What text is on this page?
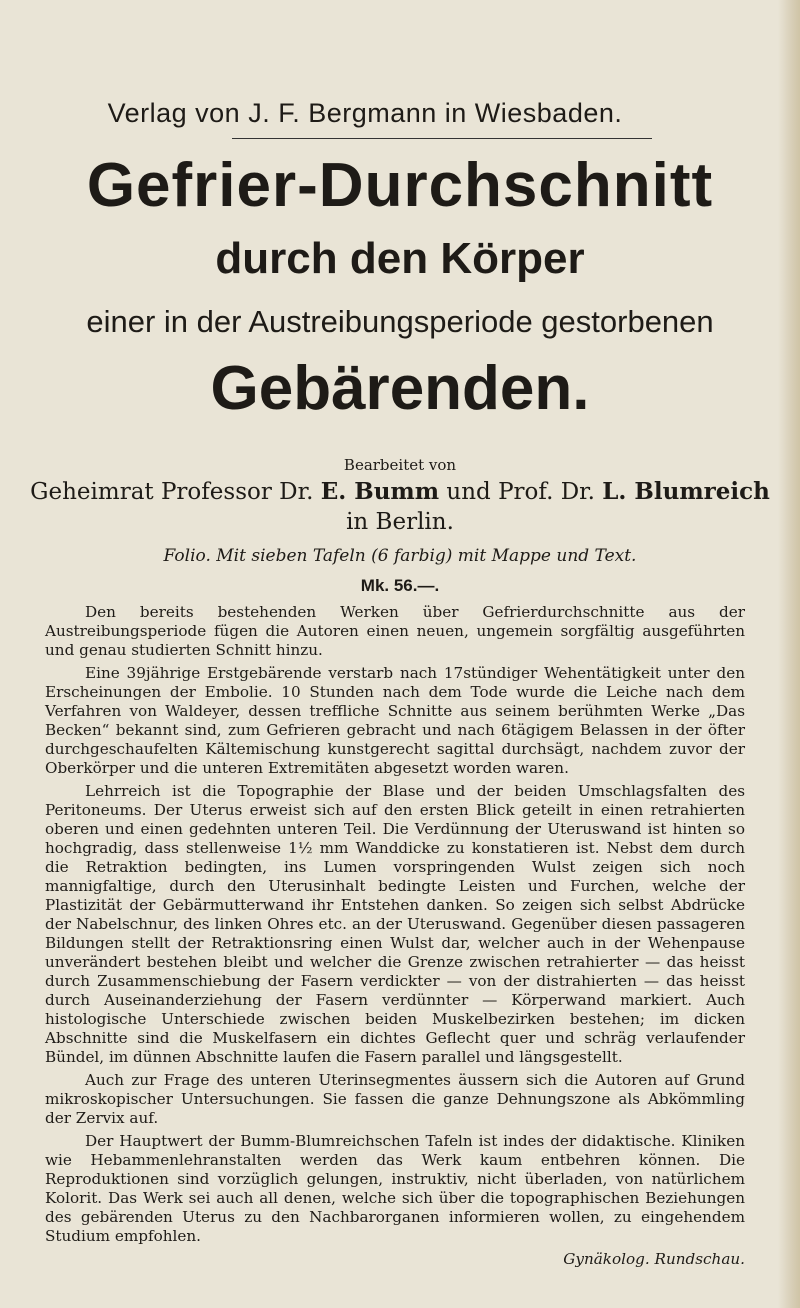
Verlag von J. F. Bergmann in Wiesbaden.
Gefrier-Durchschnitt
durch den Körper
einer in der Austreibungsperiode gestorbenen
Gebärenden.
Bearbeitet von
Geheimrat Professor Dr. E. Bumm und Prof. Dr. L. Blumreich
in Berlin.
Folio. Mit sieben Tafeln (6 farbig) mit Mappe und Text.
Mk. 56.—.

Den bereits bestehenden Werken über Gefrierdurchschnitte aus der Austreibungsperiode fügen die Autoren einen neuen, ungemein sorgfältig ausgeführten und genau studierten Schnitt hinzu.

Eine 39jährige Erstgebärende verstarb nach 17stündiger Wehentätigkeit unter den Erscheinungen der Embolie. 10 Stunden nach dem Tode wurde die Leiche nach dem Verfahren von Waldeyer, dessen treffliche Schnitte aus seinem berühmten Werke „Das Becken“ bekannt sind, zum Gefrieren gebracht und nach 6tägigem Belassen in der öfter durchgeschaufelten Kältemischung kunstgerecht sagittal durchsägt, nachdem zuvor der Oberkörper und die unteren Extremitäten abgesetzt worden waren.

Lehrreich ist die Topographie der Blase und der beiden Umschlagsfalten des Peritoneums. Der Uterus erweist sich auf den ersten Blick geteilt in einen retrahierten oberen und einen gedehnten unteren Teil. Die Verdünnung der Uteruswand ist hinten so hochgradig, dass stellenweise 1½ mm Wanddicke zu konstatieren ist. Nebst dem durch die Retraktion bedingten, ins Lumen vorspringenden Wulst zeigen sich noch mannigfaltige, durch den Uterusinhalt bedingte Leisten und Furchen, welche der Plastizität der Gebärmutterwand ihr Entstehen danken. So zeigen sich selbst Abdrücke der Nabelschnur, des linken Ohres etc. an der Uteruswand. Gegenüber diesen passageren Bildungen stellt der Retraktionsring einen Wulst dar, welcher auch in der Wehenpause unverändert bestehen bleibt und welcher die Grenze zwischen retrahierter — das heisst durch Zusammenschiebung der Fasern verdickter — von der distrahierten — das heisst durch Auseinanderziehung der Fasern verdünnter — Körperwand markiert. Auch histologische Unterschiede zwischen beiden Muskelbezirken bestehen; im dicken Abschnitte sind die Muskelfasern ein dichtes Geflecht quer und schräg verlaufender Bündel, im dünnen Abschnitte laufen die Fasern parallel und längsgestellt.

Auch zur Frage des unteren Uterinsegmentes äussern sich die Autoren auf Grund mikroskopischer Untersuchungen. Sie fassen die ganze Dehnungszone als Abkömmling der Zervix auf.

Der Hauptwert der Bumm-Blumreichschen Tafeln ist indes der didaktische. Kliniken wie Hebammenlehranstalten werden das Werk kaum entbehren können. Die Reproduktionen sind vorzüglich gelungen, instruktiv, nicht überladen, von natürlichem Kolorit. Das Werk sei auch all denen, welche sich über die topographischen Beziehungen des gebärenden Uterus zu den Nachbarorganen informieren wollen, zu eingehendem Studium empfohlen.

Gynäkolog. Rundschau.
